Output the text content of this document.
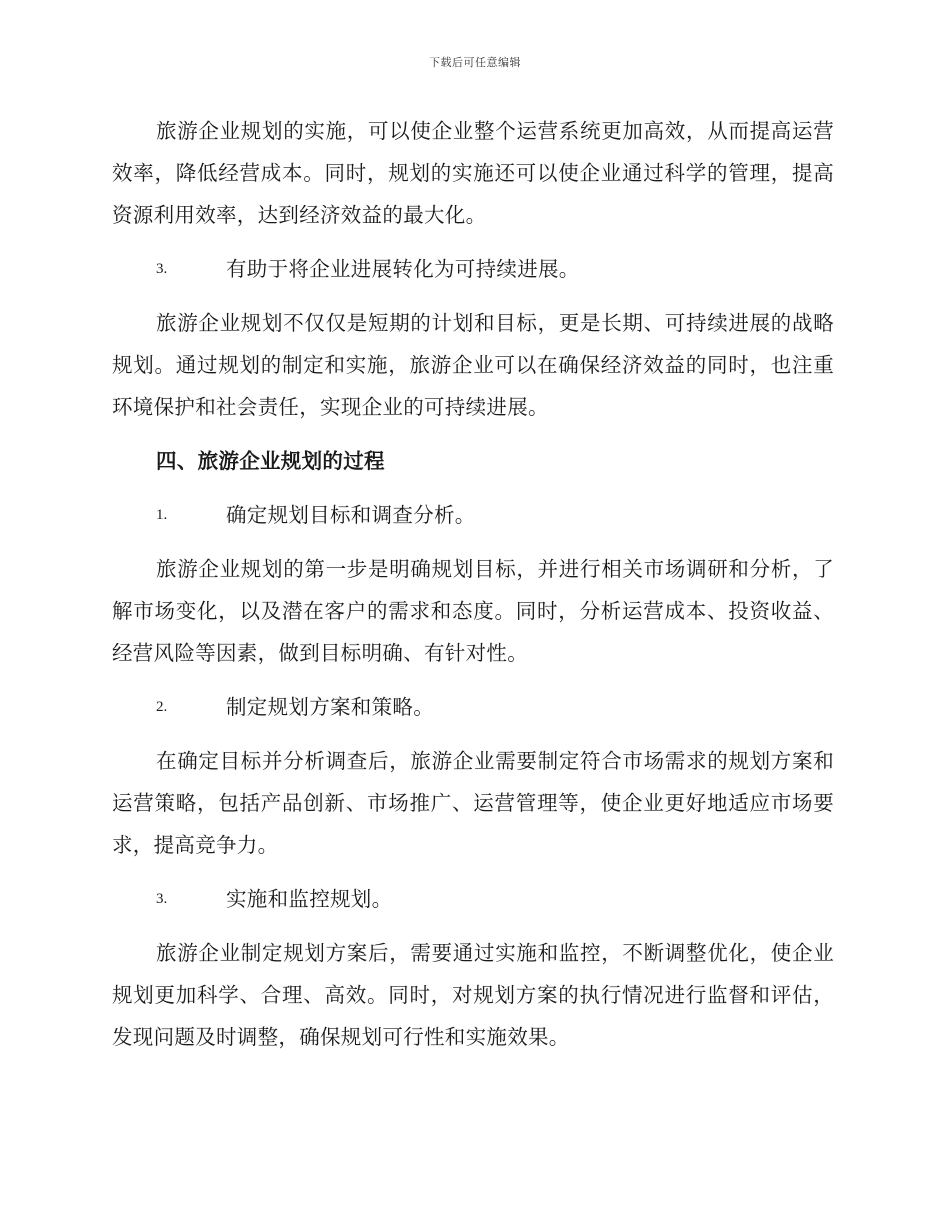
下载后可任意编辑

旅游企业规划的实施，可以使企业整个运营系统更加高效，从而提高运营效率，降低经营成本。同时，规划的实施还可以使企业通过科学的管理，提高资源利用效率，达到经济效益的最大化。

3.	有助于将企业进展转化为可持续进展。

旅游企业规划不仅仅是短期的计划和目标，更是长期、可持续进展的战略规划。通过规划的制定和实施，旅游企业可以在确保经济效益的同时，也注重环境保护和社会责任，实现企业的可持续进展。

四、旅游企业规划的过程
1.	确定规划目标和调查分析。

旅游企业规划的第一步是明确规划目标，并进行相关市场调研和分析，了解市场变化，以及潜在客户的需求和态度。同时，分析运营成本、投资收益、经营风险等因素，做到目标明确、有针对性。

2.	制定规划方案和策略。

在确定目标并分析调查后，旅游企业需要制定符合市场需求的规划方案和运营策略，包括产品创新、市场推广、运营管理等，使企业更好地适应市场要求，提高竞争力。

3.	实施和监控规划。

旅游企业制定规划方案后，需要通过实施和监控，不断调整优化，使企业规划更加科学、合理、高效。同时，对规划方案的执行情况进行监督和评估，发现问题及时调整，确保规划可行性和实施效果。
